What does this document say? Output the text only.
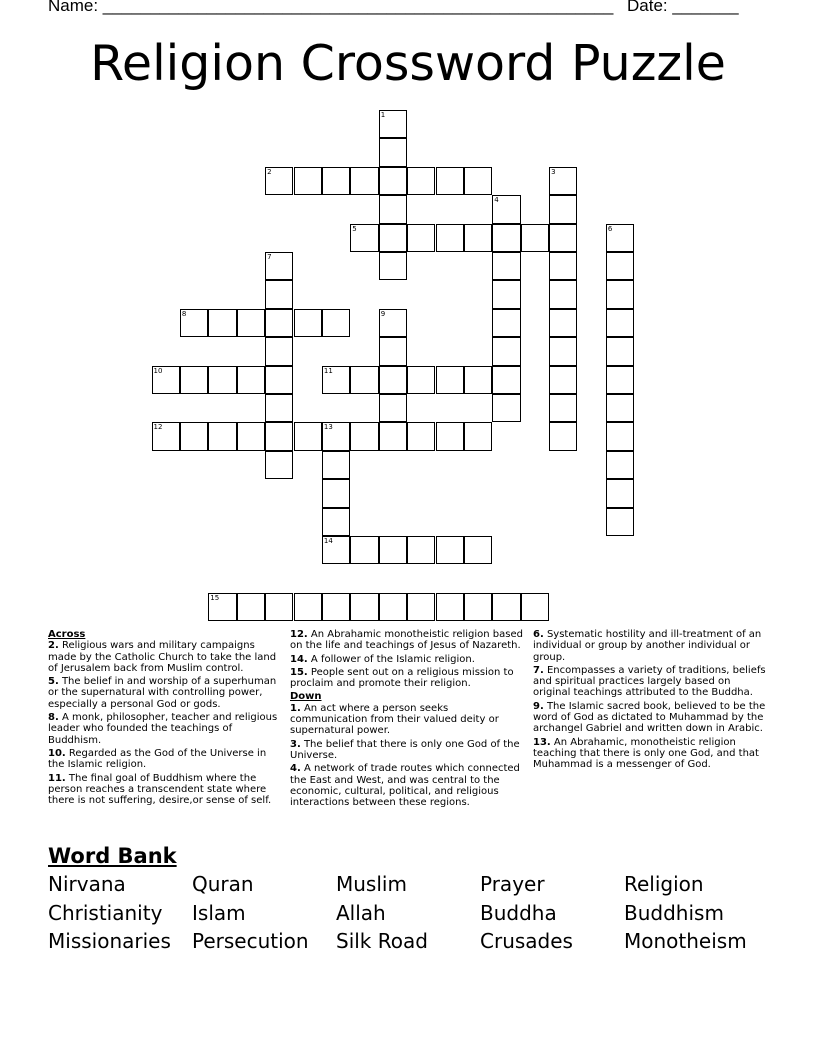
Name: ______________________________________________________ Date: _______
Religion Crossword Puzzle
1
2	3
4
5	6
7
8	9
10	11
12	13
14
15
Across
2. Religious wars and military campaigns made by the Catholic Church to take the land of Jerusalem back from Muslim control.
5. The belief in and worship of a superhuman or the supernatural with controlling power, especially a personal God or gods.
8. A monk, philosopher, teacher and religious leader who founded the teachings of Buddhism.
10. Regarded as the God of the Universe in the Islamic religion.
11. The final goal of Buddhism where the person reaches a transcendent state where there is not suffering, desire,or sense of self.
12. An Abrahamic monotheistic religion based on the life and teachings of Jesus of Nazareth.
14. A follower of the Islamic religion.
15. People sent out on a religious mission to proclaim and promote their religion.
Down
1. An act where a person seeks communication from their valued deity or supernatural power.
3. The belief that there is only one God of the Universe.
4. A network of trade routes which connected the East and West, and was central to the economic, cultural, political, and religious interactions between these regions.
6. Systematic hostility and ill-treatment of an individual or group by another individual or group.
7. Encompasses a variety of traditions, beliefs and spiritual practices largely based on original teachings attributed to the Buddha.
9. The Islamic sacred book, believed to be the word of God as dictated to Muhammad by the archangel Gabriel and written down in Arabic.
13. An Abrahamic, monotheistic religion teaching that there is only one God, and that Muhammad is a messenger of God.
Word Bank
Nirvana	Quran	Muslim	Prayer	Religion
Christianity	Islam	Allah	Buddha	Buddhism
Missionaries	Persecution	Silk Road	Crusades	Monotheism
